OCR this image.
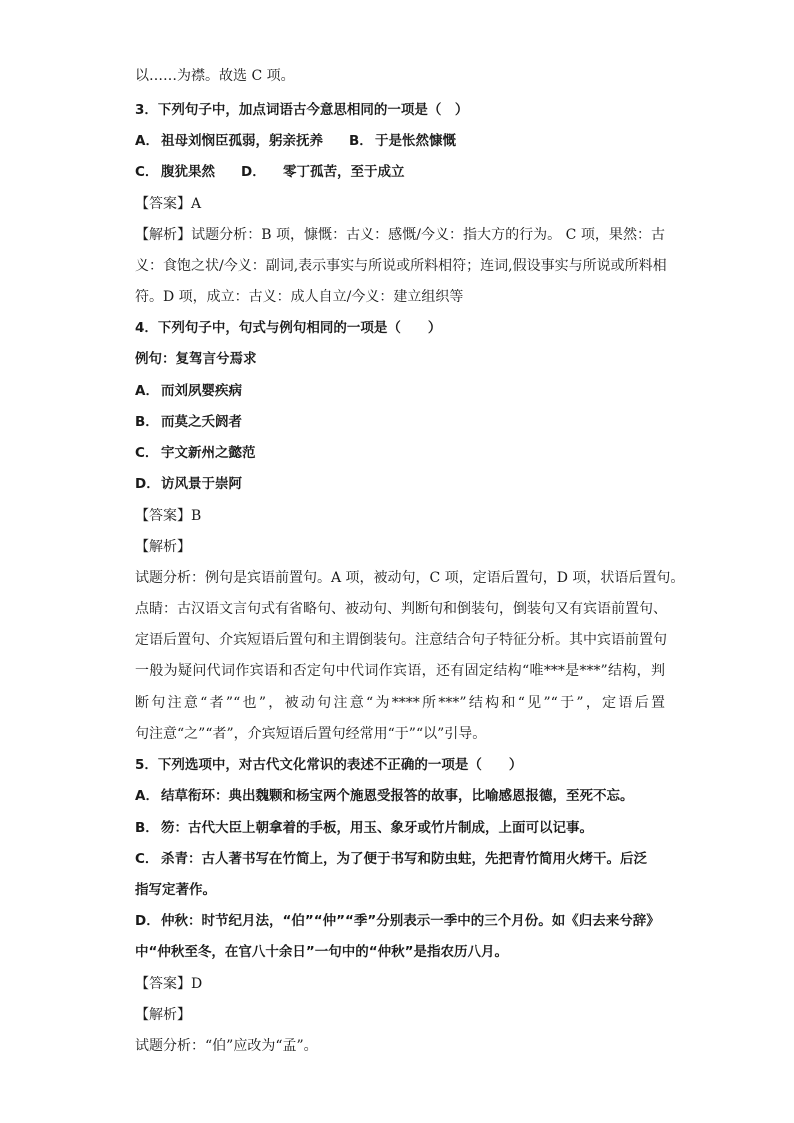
以……为襟。故选 C 项。
3．下列句子中，加点词语古今意思相同的一项是（　）
A． 祖母刘悯臣孤弱，躬亲抚养 B． 于是怅然慷慨
C． 腹犹果然 D． 零丁孤苦，至于成立
【答案】A
【解析】试题分析：B 项，慷慨：古义：感慨/今义：指大方的行为。 C 项，果然：古
义：食饱之状/今义：副词,表示事实与所说或所料相符；连词,假设事实与所说或所料相
符。D 项，成立：古义：成人自立/今义：建立组织等
4．下列句子中，句式与例句相同的一项是（　　）
例句：复驾言兮焉求
A． 而刘夙婴疾病
B． 而莫之夭阏者
C． 宇文新州之懿范
D．访风景于崇阿
【答案】B
【解析】
试题分析：例句是宾语前置句。A 项，被动句，C 项，定语后置句，D 项，状语后置句。
点睛：古汉语文言句式有省略句、被动句、判断句和倒装句，倒装句又有宾语前置句、
定语后置句、介宾短语后置句和主谓倒装句。注意结合句子特征分析。其中宾语前置句
一般为疑问代词作宾语和否定句中代词作宾语，还有固定结构“唯***是***”结构，判
断句注意“者”“也”，被动句注意“为****所***”结构和“见”“于”，定语后置
句注意“之”“者”，介宾短语后置句经常用“于”“以”引导。
5．下列选项中，对古代文化常识的表述不正确的一项是（　　）
A． 结草衔环：典出魏颗和杨宝两个施恩受报答的故事，比喻感恩报德，至死不忘。
B． 笏：古代大臣上朝拿着的手板，用玉、象牙或竹片制成，上面可以记事。
C． 杀青：古人著书写在竹简上，为了便于书写和防虫蛀，先把青竹简用火烤干。后泛
指写定著作。
D．仲秋：时节纪月法，“伯”“仲”“季”分别表示一季中的三个月份。如《归去来兮辞》
中“仲秋至冬，在官八十余日”一句中的“仲秋”是指农历八月。
【答案】D
【解析】
试题分析：“伯”应改为“孟”。
